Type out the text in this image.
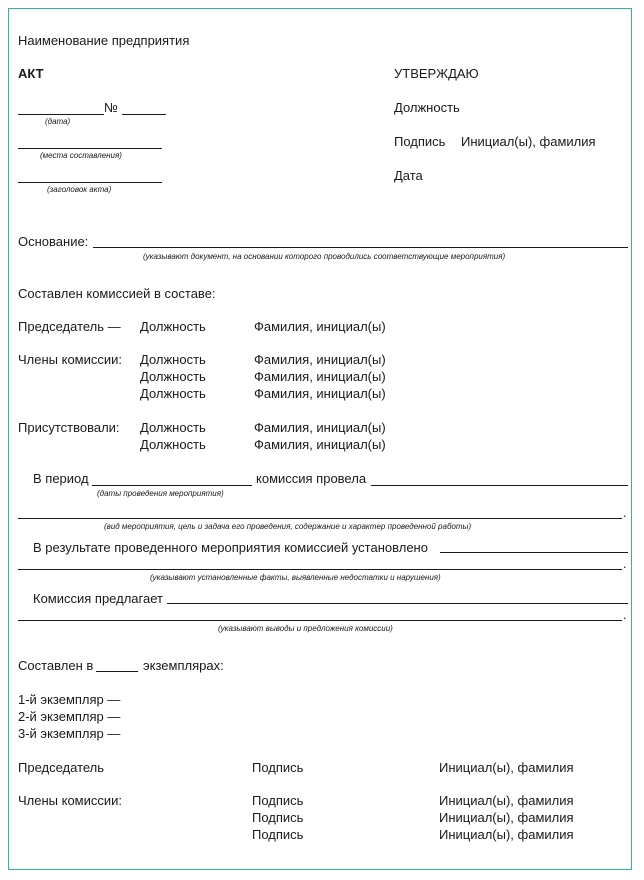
Наименование предприятия
АКТ	УТВЕРЖДАЮ
Должность
Подпись Инициал(ы), фамилия
Дата
№
(дата)
(места составления)
(заголовок акта)
Основание:
(указывают документ, на основании которого проводились соответствующие мероприятия)
Составлен комиссией в составе:
Председатель — Должность	Фамилия, инициал(ы)
Члены комиссии: Должность	Фамилия, инициал(ы)
Должность	Фамилия, инициал(ы)
Должность	Фамилия, инициал(ы)
Присутствовали: Должность	Фамилия, инициал(ы)
Должность	Фамилия, инициал(ы)
В период	комиссия провела
(даты проведения мероприятия)
.
(вид мероприятия, цель и задача его проведения, содержание и характер проведенной работы)
В результате проведенного мероприятия комиссией установлено
.
(указывают установленные факты, выявленные недостатки и нарушения)
Комиссия предлагает
.
(указывают выводы и предложения комиссии)
Составлен в	экземплярах:
1-й экземпляр —
2-й экземпляр —
3-й экземпляр —
Председатель	Подпись	Инициал(ы), фамилия
Члены комиссии:	Подпись	Инициал(ы), фамилия
Подпись	Инициал(ы), фамилия
Подпись	Инициал(ы), фамилия
